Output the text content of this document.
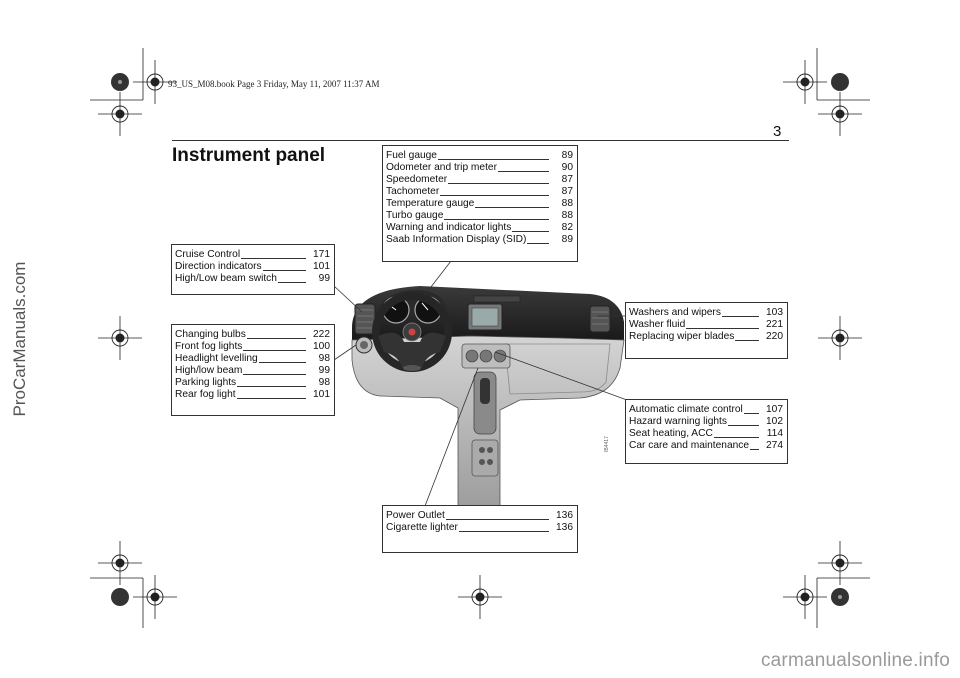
93_US_M08.book Page 3 Friday, May 11, 2007 11:37 AM
3
Instrument panel	Fuel gauge	89
Odometer and trip meter	90
Speedometer	87
Tachometer	87
Temperature gauge	88
Turbo gauge	88
Warning and indicator lights	82
Saab Information Display (SID)	89
Cruise Control	171
Direction indicators	101
High/Low beam switch	99
Changing bulbs	222
Front fog lights	100
Headlight levelling	98
High/low beam	99
Parking lights	98
Rear fog light	101
Washers and wipers	103
Washer fluid	221
Replacing wiper blades	220
Automatic climate control 107
Hazard warning lights	102
Seat heating, ACC	114
Car care and maintenance 274
Power Outlet	136
Cigarette lighter	136
IB4417
ProCarManuals.com
carmanualsonline.info
